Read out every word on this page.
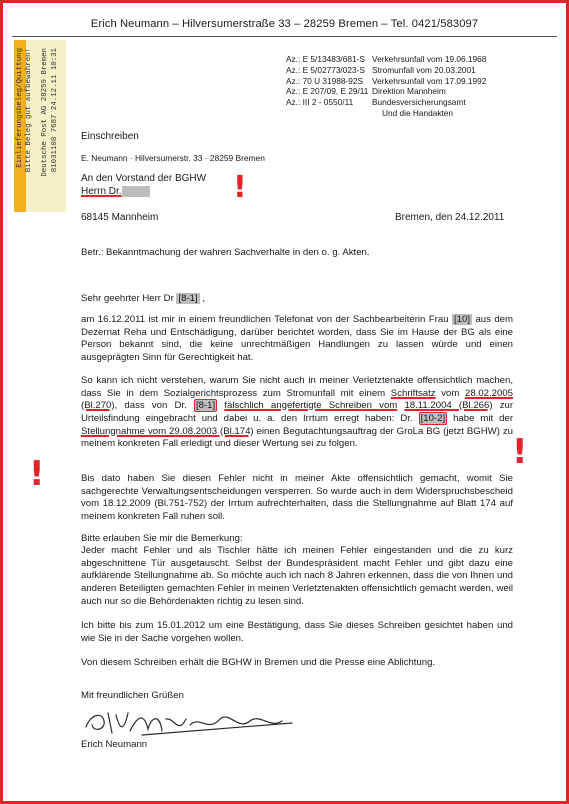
Erich Neumann – Hilversumerstraße 33 – 28259 Bremen – Tel. 0421/583097
Az.: E 5/13483/681-S Verkehrsunfall vom 19.06.1968
Az.: E 5/02773/023-S Stromunfall vom 20.03.2001
Az.: 70 U 31988-92S	Verkehrsunfall vom 17.09.1992
Az.: E 207/09, E 29/11 Direktion Mannheim
Az.: III 2 - 0550/11	Bundesversicherungsamt
Und die Handakten
Einlieferungsbeleg/Quittung Bitte Beleg gut aufbewahren! Deutsche Post AG 28259 Bremen 81031108 7687 24.12.11 10:31 Einschreiben
E. Neumann · Hilversumerstr. 33 · 28259 Bremen
An den Vorstand der BGHW
Herrn Dr.
68145 Mannheim	Bremen, den 24.12.2011
Betr.: Bekanntmachung der wahren Sachverhalte in den o. g. Akten.
Sehr geehrter Herr Dr [8-1] ,
am 16.12.2011 ist mir in einem freundlichen Telefonat von der Sachbearbeiterin Frau [10] aus dem Dezernat Reha und Entschädigung, darüber berichtet worden, dass Sie im Hause der BG als eine Person bekannt sind, die keine unrechtmäßigen Handlungen zu lassen würde und einen ausgeprägten Sinn für Gerechtigkeit hat.
So kann ich nicht verstehen, warum Sie nicht auch in meiner Verletztenakte offensichtlich machen, dass Sie in dem Sozialgerichtsprozess zum Stromunfall mit einem Schriftsatz vom 28.02.2005 (Bl.270), dass von Dr. [8-1] fälschlich angefertigte Schreiben vom 18.11.2004 (Bl.266) zur Urteilsfindung eingebracht und dabei u. a. den Irrtum erregt haben: Dr. [10-2] habe mit der Stellungnahme vom 29.08.2003 (Bl.174) einen Begutachtungsauftrag der GroLa BG (jetzt BGHW) zu meinem konkreten Fall erledigt und dieser Wertung sei zu folgen.
Bis dato haben Sie diesen Fehler nicht in meiner Akte offensichtlich gemacht, womit Sie sachgerechte Verwaltungsentscheidungen versperren. So wurde auch in dem Widerspruchsbescheid vom 18.12.2009 (Bl.751-752) der Irrtum aufrechterhalten, dass die Stellungnahme auf Blatt 174 auf meinem konkreten Fall ruhen soll.
Bitte erlauben Sie mir die Bemerkung:
Jeder macht Fehler und als Tischler hätte ich meinen Fehler eingestanden und die zu kurz abgeschnittene Tür ausgetauscht. Selbst der Bundespräsident macht Fehler und gibt dazu eine aufklärende Stellungnahme ab. So möchte auch ich nach 8 Jahren erkennen, dass die von Ihnen und anderen Beteiligten gemachten Fehler in meinen Verletztenakten offensichtlich gemacht werden, weil auch nur so die Behördenakten richtig zu lesen sind.
Ich bitte bis zum 15.01.2012 um eine Bestätigung, dass Sie dieses Schreiben gesichtet haben und wie Sie in der Sache vorgehen wollen.
Von diesem Schreiben erhält die BGHW in Bremen und die Presse eine Ablichtung.
Mit freundlichen Grüßen
Erich Neumann
!
!
!
